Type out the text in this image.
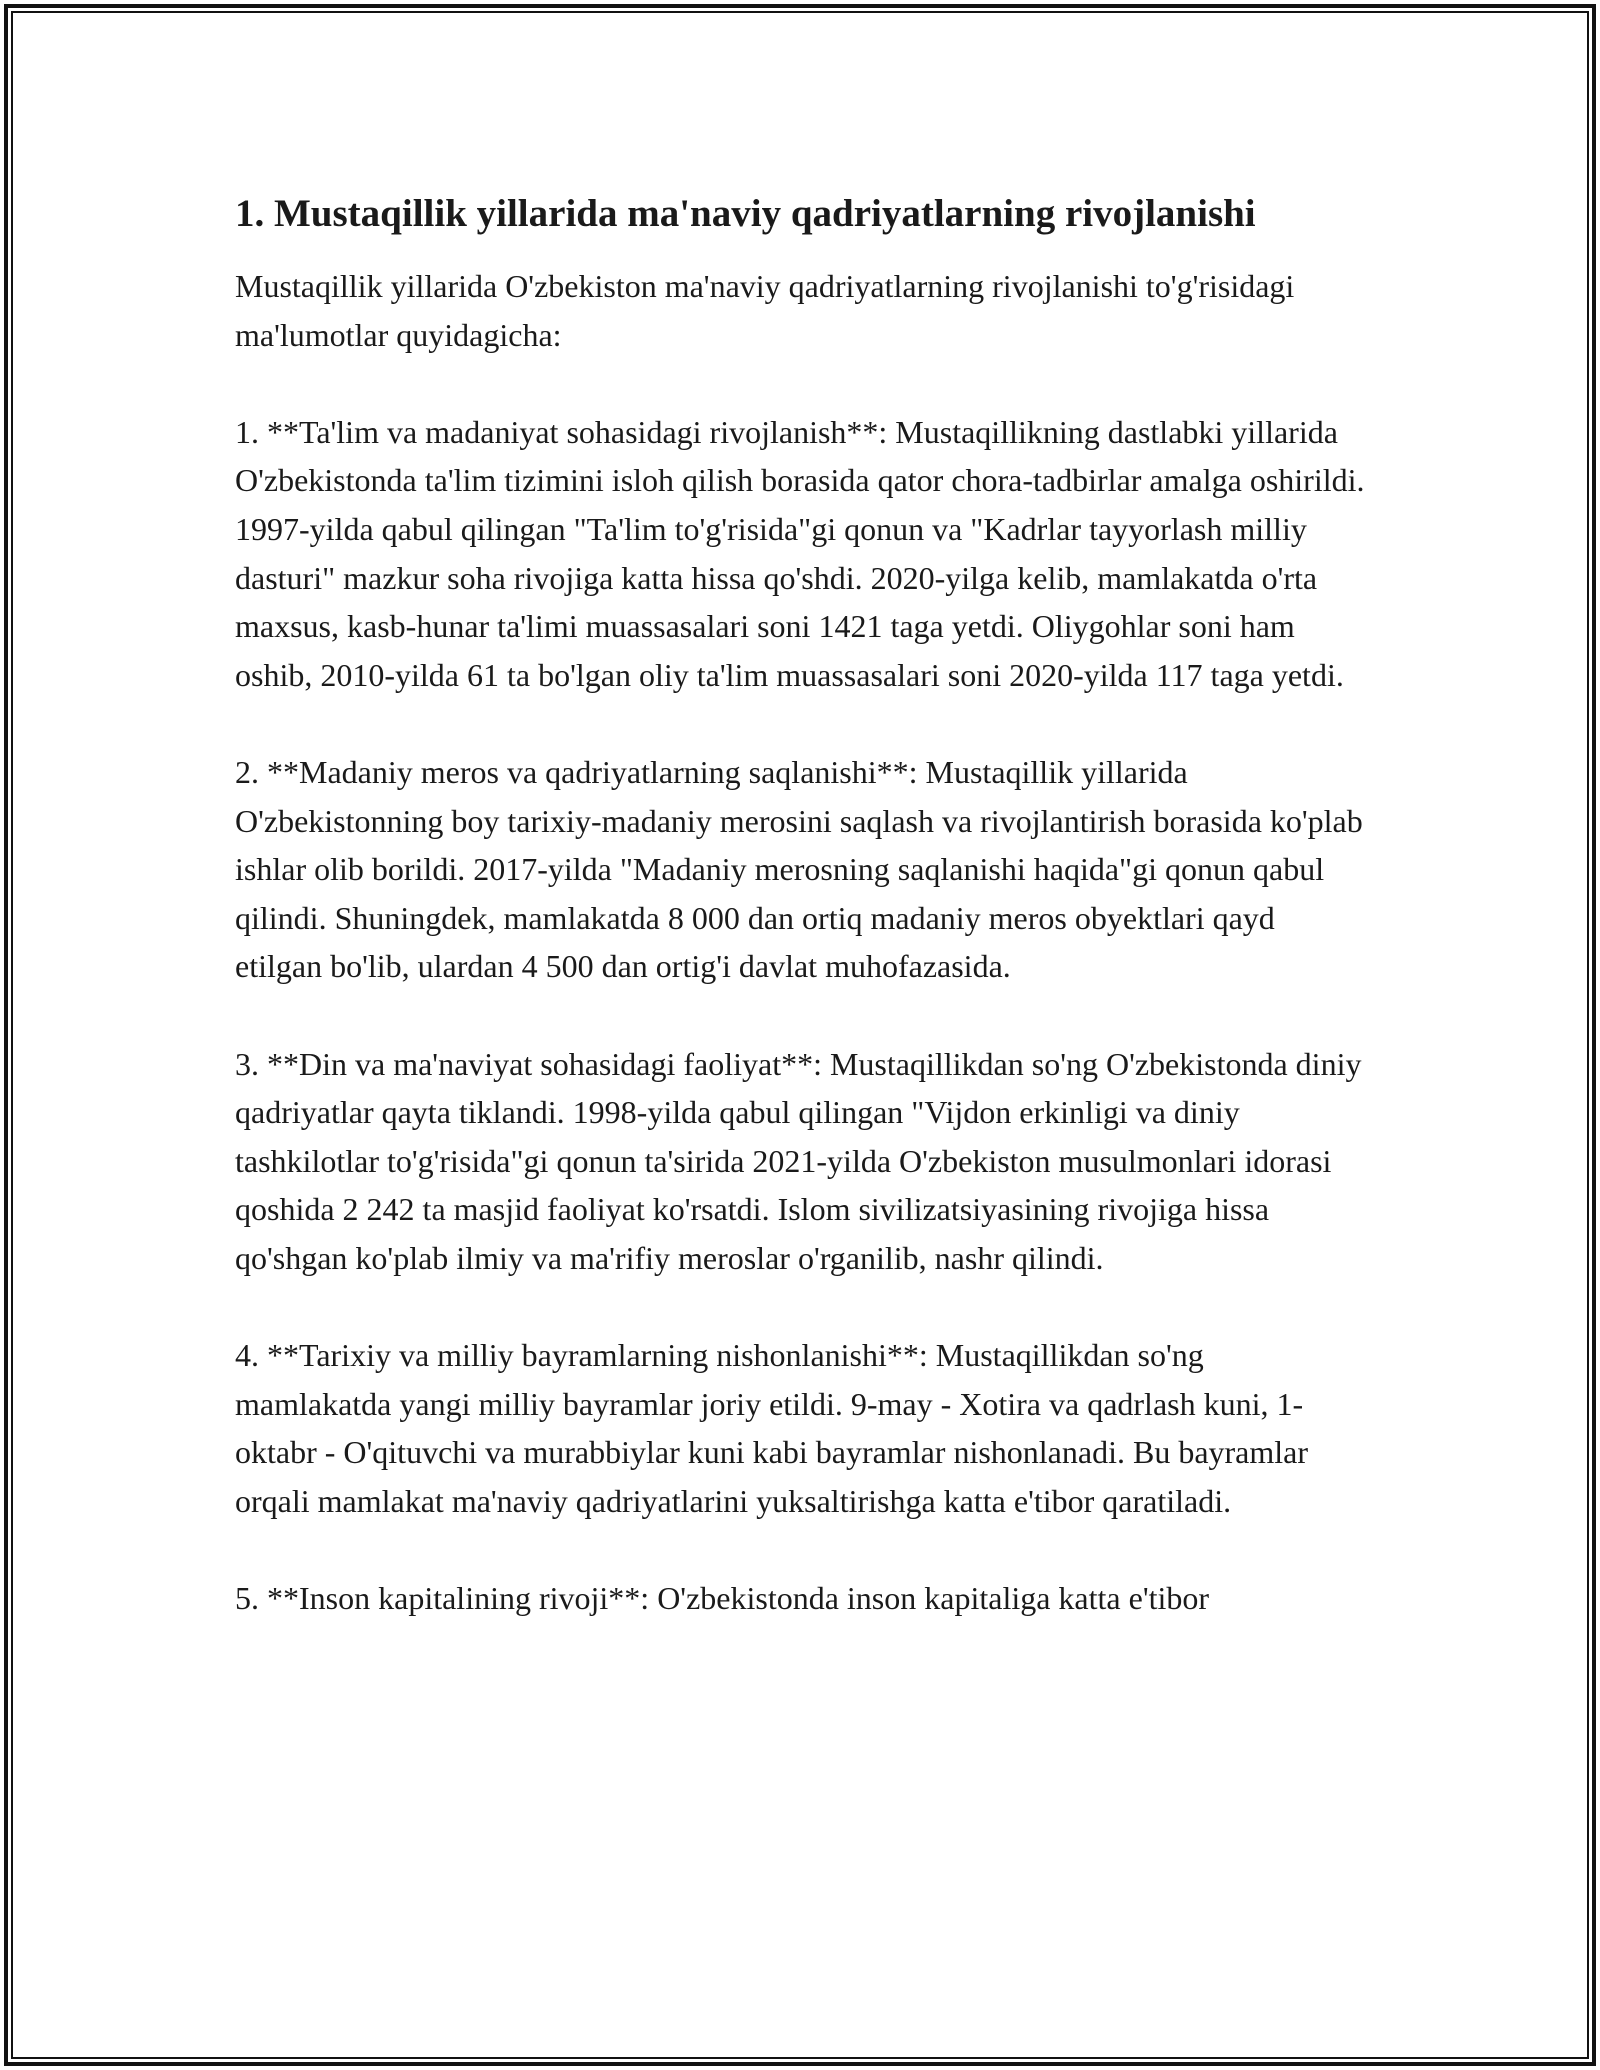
1. Mustaqillik yillarida ma'naviy qadriyatlarning rivojlanishi

Mustaqillik yillarida O'zbekiston ma'naviy qadriyatlarning rivojlanishi to'g'risidagi ma'lumotlar quyidagicha:

1. **Ta'lim va madaniyat sohasidagi rivojlanish**: Mustaqillikning dastlabki yillarida O'zbekistonda ta'lim tizimini isloh qilish borasida qator chora-tadbirlar amalga oshirildi. 1997-yilda qabul qilingan "Ta'lim to'g'risida"gi qonun va "Kadrlar tayyorlash milliy dasturi" mazkur soha rivojiga katta hissa qo'shdi. 2020-yilga kelib, mamlakatda o'rta maxsus, kasb-hunar ta'limi muassasalari soni 1421 taga yetdi. Oliygohlar soni ham oshib, 2010-yilda 61 ta bo'lgan oliy ta'lim muassasalari soni 2020-yilda 117 taga yetdi.

2. **Madaniy meros va qadriyatlarning saqlanishi**: Mustaqillik yillarida O'zbekistonning boy tarixiy-madaniy merosini saqlash va rivojlantirish borasida ko'plab ishlar olib borildi. 2017-yilda "Madaniy merosning saqlanishi haqida"gi qonun qabul qilindi. Shuningdek, mamlakatda 8 000 dan ortiq madaniy meros obyektlari qayd etilgan bo'lib, ulardan 4 500 dan ortig'i davlat muhofazasida.

3. **Din va ma'naviyat sohasidagi faoliyat**: Mustaqillikdan so'ng O'zbekistonda diniy qadriyatlar qayta tiklandi. 1998-yilda qabul qilingan "Vijdon erkinligi va diniy tashkilotlar to'g'risida"gi qonun ta'sirida 2021-yilda O'zbekiston musulmonlari idorasi qoshida 2 242 ta masjid faoliyat ko'rsatdi. Islom sivilizatsiyasining rivojiga hissa qo'shgan ko'plab ilmiy va ma'rifiy meroslar o'rganilib, nashr qilindi.

4. **Tarixiy va milliy bayramlarning nishonlanishi**: Mustaqillikdan so'ng mamlakatda yangi milliy bayramlar joriy etildi. 9-may - Xotira va qadrlash kuni, 1-oktabr - O'qituvchi va murabbiylar kuni kabi bayramlar nishonlanadi. Bu bayramlar orqali mamlakat ma'naviy qadriyatlarini yuksaltirishga katta e'tibor qaratiladi.

5. **Inson kapitalining rivoji**: O'zbekistonda inson kapitaliga katta e'tibor
